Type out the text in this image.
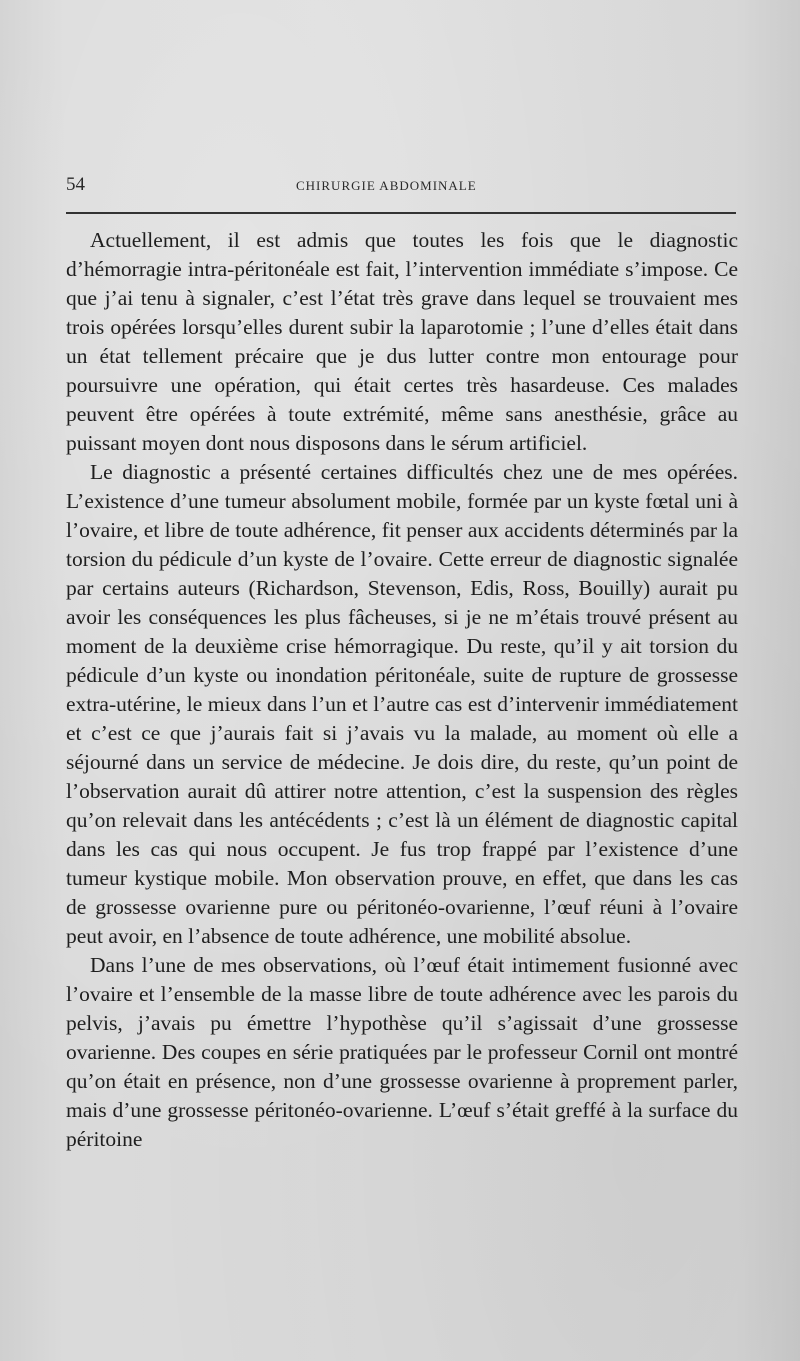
54	CHIRURGIE ABDOMINALE

Actuellement, il est admis que toutes les fois que le diagnostic d’hémorragie intra-péritonéale est fait, l’intervention immédiate s’impose. Ce que j’ai tenu à signaler, c’est l’état très grave dans lequel se trouvaient mes trois opérées lorsqu’elles durent subir la laparotomie ; l’une d’elles était dans un état tellement précaire que je dus lutter contre mon entourage pour poursuivre une opération, qui était certes très hasardeuse. Ces malades peuvent être opérées à toute extrémité, même sans anesthésie, grâce au puissant moyen dont nous disposons dans le sérum artificiel.

Le diagnostic a présenté certaines difficultés chez une de mes opérées. L’existence d’une tumeur absolument mobile, formée par un kyste fœtal uni à l’ovaire, et libre de toute adhérence, fit penser aux accidents déterminés par la torsion du pédicule d’un kyste de l’ovaire. Cette erreur de diagnostic signalée par certains auteurs (Richardson, Stevenson, Edis, Ross, Bouilly) aurait pu avoir les conséquences les plus fâcheuses, si je ne m’étais trouvé présent au moment de la deuxième crise hémorragique. Du reste, qu’il y ait torsion du pédicule d’un kyste ou inondation péritonéale, suite de rupture de grossesse extra-utérine, le mieux dans l’un et l’autre cas est d’intervenir immédiatement et c’est ce que j’aurais fait si j’avais vu la malade, au moment où elle a séjourné dans un service de médecine. Je dois dire, du reste, qu’un point de l’observation aurait dû attirer notre attention, c’est la suspension des règles qu’on relevait dans les antécédents ; c’est là un élément de diagnostic capital dans les cas qui nous occupent. Je fus trop frappé par l’existence d’une tumeur kystique mobile. Mon observation prouve, en effet, que dans les cas de grossesse ovarienne pure ou péritonéo-ovarienne, l’œuf réuni à l’ovaire peut avoir, en l’absence de toute adhérence, une mobilité absolue.

Dans l’une de mes observations, où l’œuf était intimement fusionné avec l’ovaire et l’ensemble de la masse libre de toute adhérence avec les parois du pelvis, j’avais pu émettre l’hypothèse qu’il s’agissait d’une grossesse ovarienne. Des coupes en série pratiquées par le professeur Cornil ont montré qu’on était en présence, non d’une grossesse ovarienne à proprement parler, mais d’une grossesse péritonéo-ovarienne. L’œuf s’était greffé à la surface du péritoine
